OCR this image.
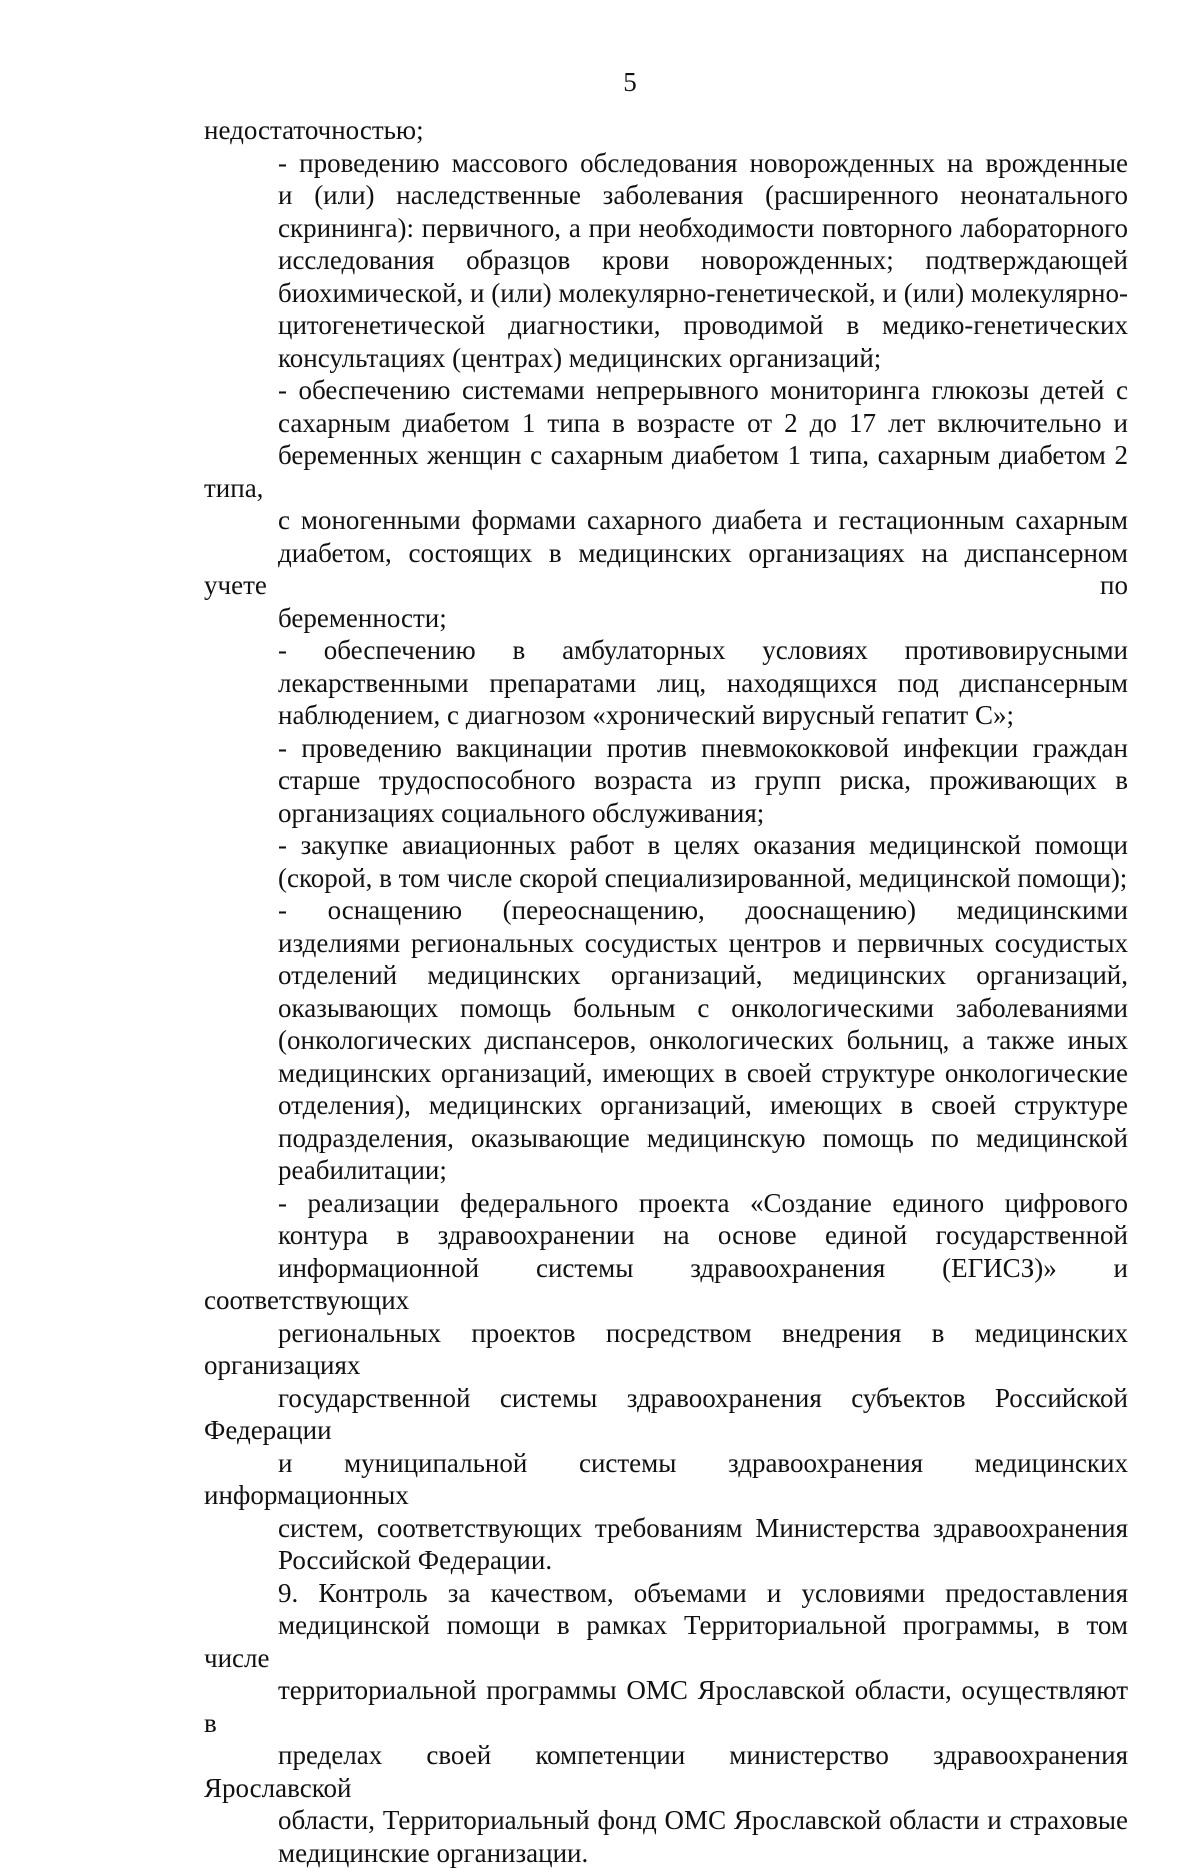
5
недостаточностью;
- проведению массового обследования новорожденных на врожденные
и (или) наследственные заболевания (расширенного неонатального
скрининга): первичного, а при необходимости повторного лабораторного
исследования образцов крови новорожденных; подтверждающей
биохимической, и (или) молекулярно-генетической, и (или) молекулярно-
цитогенетической диагностики, проводимой в медико-генетических
консультациях (центрах) медицинских организаций;
- обеспечению системами непрерывного мониторинга глюкозы детей с
сахарным диабетом 1 типа в возрасте от 2 до 17 лет включительно и
беременных женщин с сахарным диабетом 1 типа, сахарным диабетом 2 типа,
с моногенными формами сахарного диабета и гестационным сахарным
диабетом, состоящих в медицинских организациях на диспансерном учете по
беременности;
- обеспечению в амбулаторных условиях противовирусными
лекарственными препаратами лиц, находящихся под диспансерным
наблюдением, с диагнозом «хронический вирусный гепатит С»;
- проведению вакцинации против пневмококковой инфекции граждан
старше трудоспособного возраста из групп риска, проживающих в
организациях социального обслуживания;
- закупке авиационных работ в целях оказания медицинской помощи
(скорой, в том числе скорой специализированной, медицинской помощи);
- оснащению (переоснащению, дооснащению) медицинскими
изделиями региональных сосудистых центров и первичных сосудистых
отделений медицинских организаций, медицинских организаций,
оказывающих помощь больным с онкологическими заболеваниями
(онкологических диспансеров, онкологических больниц, а также иных
медицинских организаций, имеющих в своей структуре онкологические
отделения), медицинских организаций, имеющих в своей структуре
подразделения, оказывающие медицинскую помощь по медицинской
реабилитации;
- реализации федерального проекта «Создание единого цифрового
контура в здравоохранении на основе единой государственной
информационной системы здравоохранения (ЕГИСЗ)» и соответствующих
региональных проектов посредством внедрения в медицинских организациях
государственной системы здравоохранения субъектов Российской Федерации
и муниципальной системы здравоохранения медицинских информационных
систем, соответствующих требованиям Министерства здравоохранения
Российской Федерации.
9. Контроль за качеством, объемами и условиями предоставления
медицинской помощи в рамках Территориальной программы, в том числе
территориальной программы ОМС Ярославской области, осуществляют в
пределах своей компетенции министерство здравоохранения Ярославской
области, Территориальный фонд ОМС Ярославской области и страховые
медицинские организации.
